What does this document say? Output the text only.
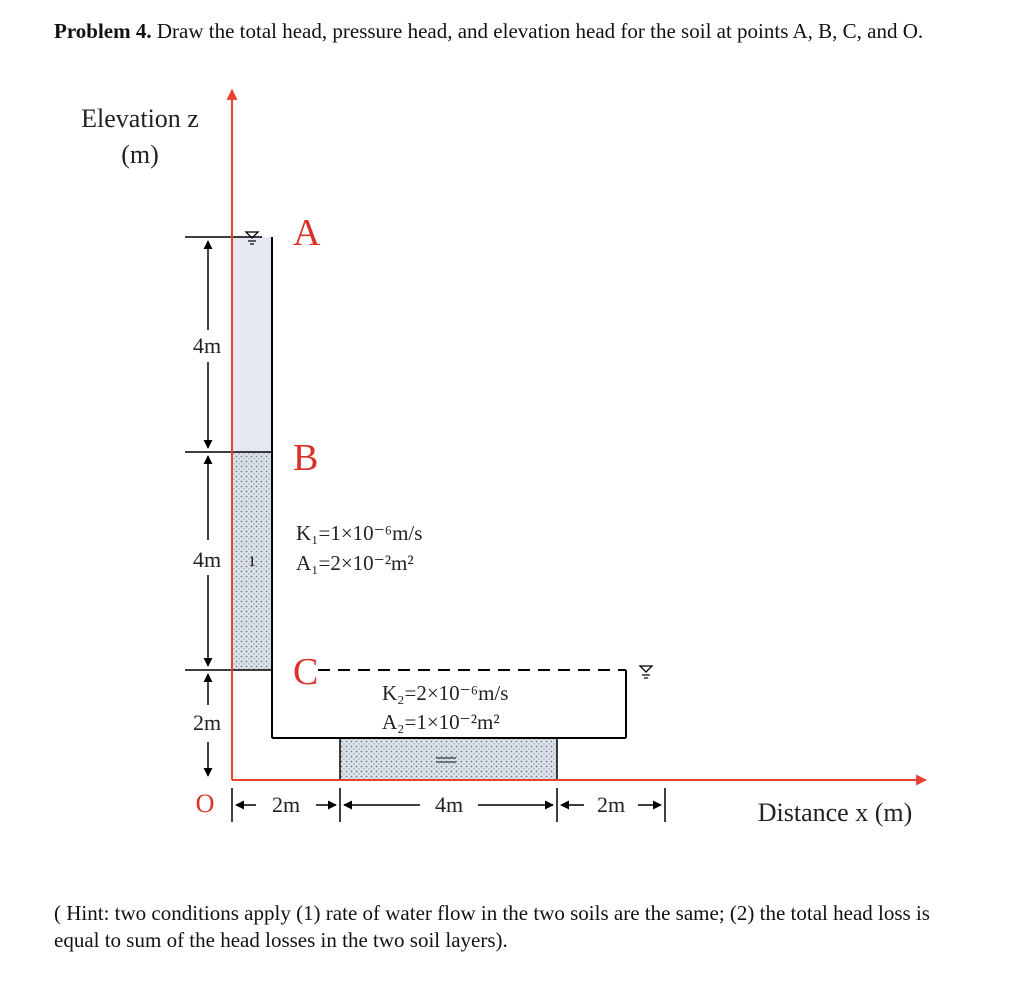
Problem 4. Draw the total head, pressure head, and elevation head for the soil at points A, B, C, and O.
Elevation z
(m)
Distance x (m)
1
K₁=1×10⁻⁶m/s
A₁=2×10⁻²m²
K₂=2×10⁻⁶m/s
A₂=1×10⁻²m²
A
B
C
O
4m
4m
2m
2m	4m	2m
( Hint: two conditions apply (1) rate of water flow in the two soils are the same; (2) the total head loss is equal to sum of the head losses in the two soil layers).
